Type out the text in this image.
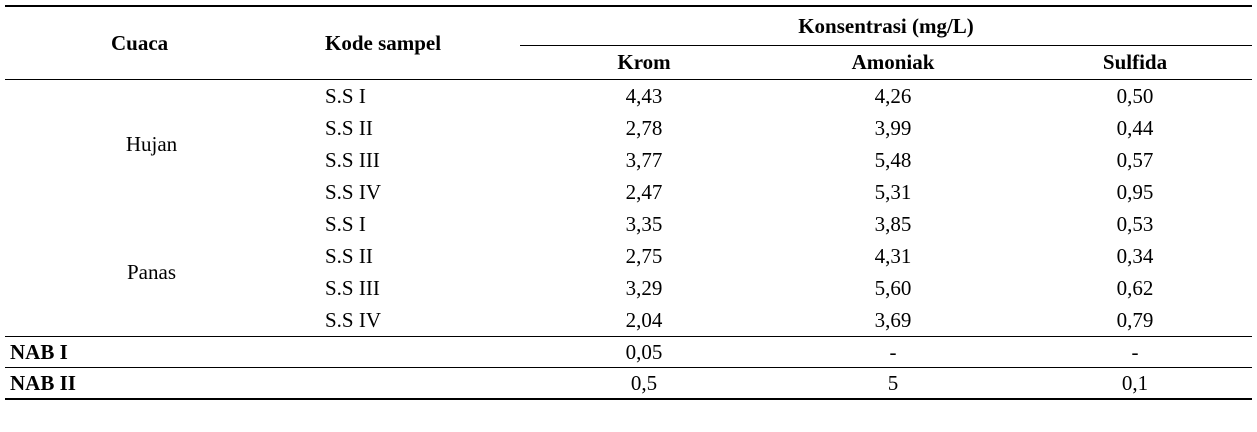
Cuaca	Kode sampel	Konsentrasi (mg/L)		
		Krom	Amoniak	Sulfida
Hujan	S.S I	4,43	4,26	0,50
	S.S II	2,78	3,99	0,44
	S.S III	3,77	5,48	0,57
	S.S IV	2,47	5,31	0,95
Panas	S.S I	3,35	3,85	0,53
	S.S II	2,75	4,31	0,34
	S.S III	3,29	5,60	0,62
	S.S IV	2,04	3,69	0,79
NAB I		0,05	-	-
NAB II		0,5	5	0,1
